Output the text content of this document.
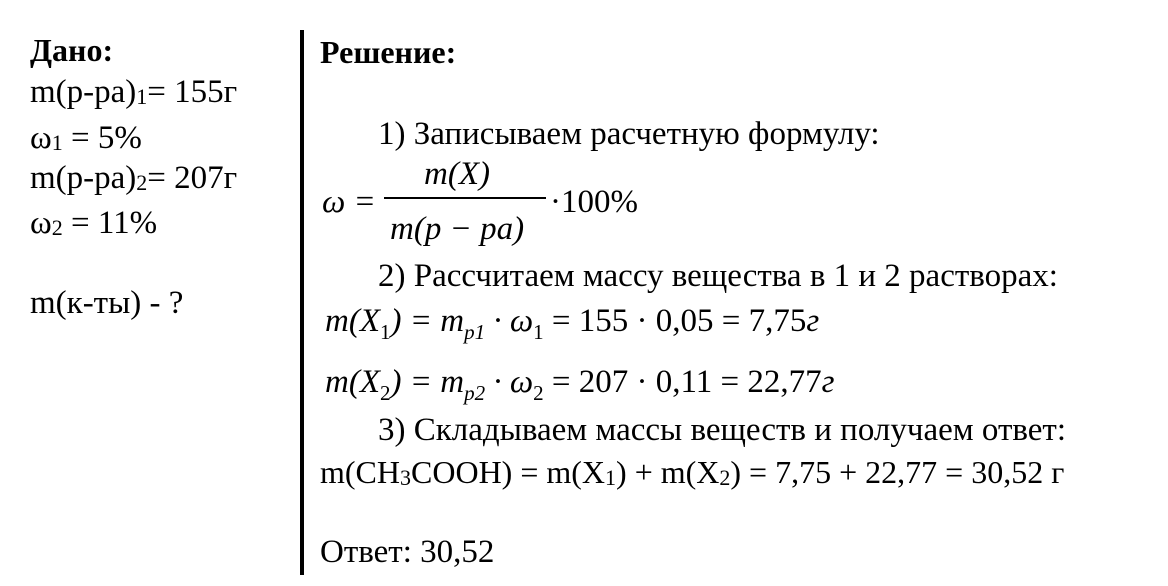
Дано:
m(р-ра)1= 155г
ω1 = 5%
m(р-ра)2= 207г
ω2 = 11%
m(к-ты) - ?
Решение:
1) Записываем расчетную формулу:
ω =
m(X)
m(p − pa)
·100%
2) Рассчитаем массу вещества в 1 и 2 растворах:
$m(X_1) = m_{p1} \cdot \omega_1 = 155 \cdot 0,05 = 7,75г$
$m(X_2) = m_{p2} \cdot \omega_2 = 207 \cdot 0,11 = 22,77г$
3) Складываем массы веществ и получаем ответ:
m(CH3COOH) = m(X1) + m(X2) = 7,75 + 22,77 = 30,52 г
Ответ: 30,52
